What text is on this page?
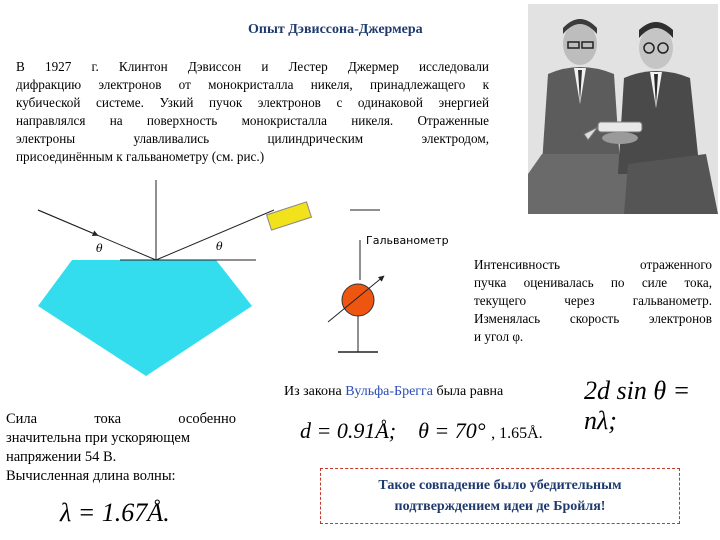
Опыт Дэвиссона-Джермера
В 1927 г. Клинтон Дэвиссон и Лестер Джермер исследовали
дифракцию электронов от монокристалла никеля, принадлежащего к
кубической системе. Узкий пучок электронов с одинаковой энергией
направлялся на поверхность монокристалла никеля. Отраженные
электроны улавливались цилиндрическим электродом,
присоединённым к гальванометру (см. рис.)
θ	θ	Гальванометр
Интенсивность отраженного
пучка оценивалась по силе тока,
текущего через гальванометр.
Изменялась скорость электронов
и угол φ.
Из закона Вульфа-Брегга была равна	2d sin θ = nλ;
d = 0.91Å; θ = 70° , 1.65Å.
Сила тока особенно
значительна при ускоряющем
напряжении 54 В.
Вычисленная длина волны:
λ = 1.67Å.
Такое совпадение было убедительным
подтверждением идеи де Бройля!
